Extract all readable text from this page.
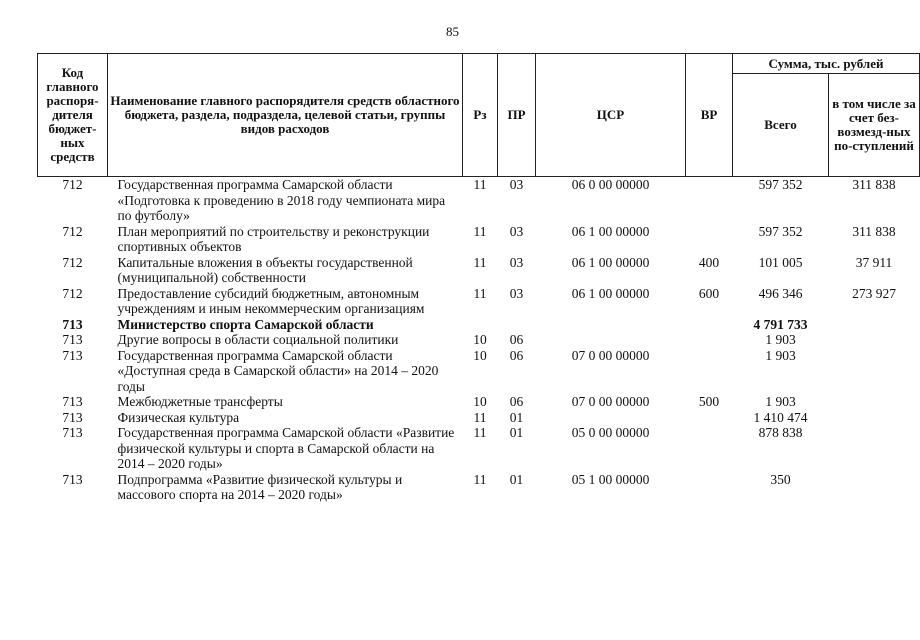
85
Код главного распоря-дителя бюджет-ных средств	Наименование главного распорядителя средств областного бюджета, раздела, подраздела, целевой статьи, группы видов расходов	Рз	ПР	ЦСР	ВР	Сумма, тыс. рублей	
						Всего	в том числе за счет без-возмезд-ных по-ступлений
712	Государственная программа Самарской области «Подготовка к проведению в 2018 году чемпионата мира по футболу»	11	03	06 0 00 00000		597 352	311 838
712	План мероприятий по строительству и реконструкции спортивных объектов	11	03	06 1 00 00000		597 352	311 838
712	Капитальные вложения в объекты государственной (муниципальной) собственности	11	03	06 1 00 00000	400	101 005	37 911
712	Предоставление субсидий бюджетным, автономным учреждениям и иным некоммерческим организациям	11	03	06 1 00 00000	600	496 346	273 927
713	Министерство спорта Самарской области					4 791 733	
713	Другие вопросы в области социальной политики	10	06			1 903	
713	Государственная программа Самарской области «Доступная среда в Самарской области» на 2014 – 2020 годы	10	06	07 0 00 00000		1 903	
713	Межбюджетные трансферты	10	06	07 0 00 00000	500	1 903	
713	Физическая культура	11	01			1 410 474	
713	Государственная программа Самарской области «Развитие физической культуры и спорта в Самарской области на 2014 – 2020 годы»	11	01	05 0 00 00000		878 838	
713	Подпрограмма «Развитие физической культуры и массового спорта на 2014 – 2020 годы»	11	01	05 1 00 00000		350	
